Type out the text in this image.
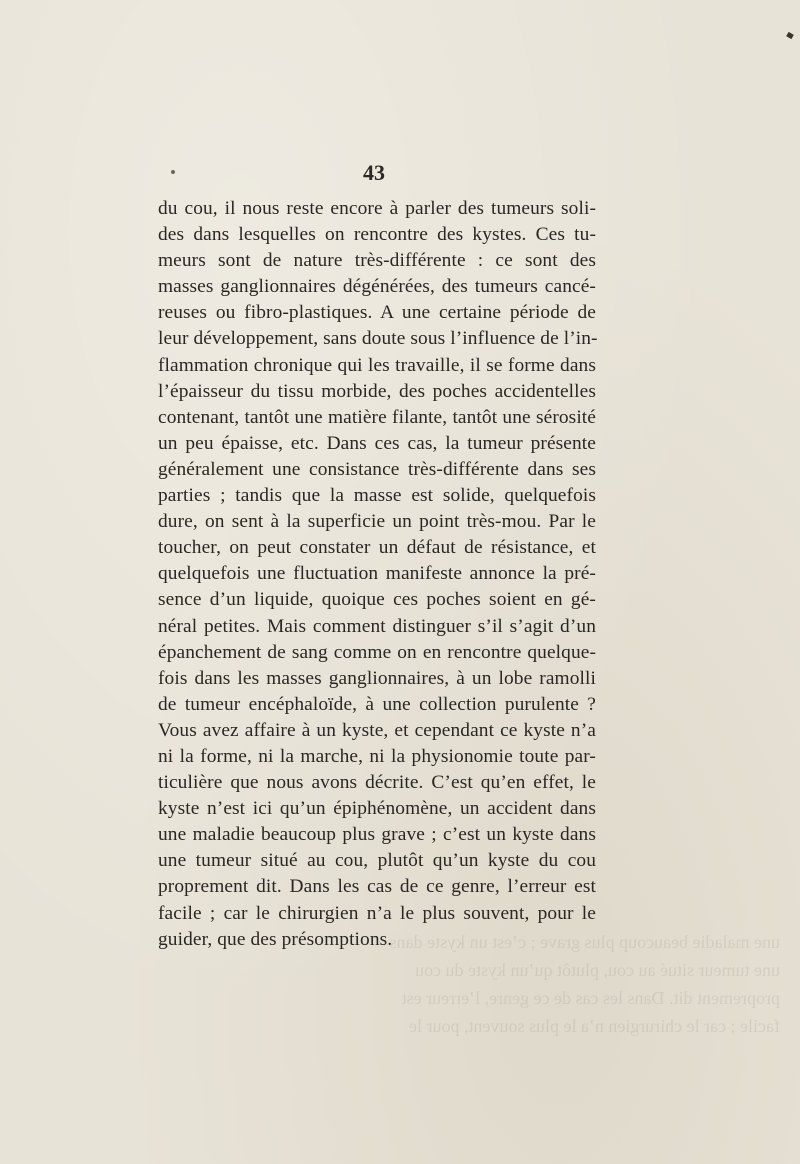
43
du cou, il nous reste encore à parler des tumeurs soli-
des dans lesquelles on rencontre des kystes. Ces tu-
meurs sont de nature très-différente : ce sont des
masses ganglionnaires dégénérées, des tumeurs cancé-
reuses ou fibro-plastiques. A une certaine période de
leur développement, sans doute sous l’influence de l’in-
flammation chronique qui les travaille, il se forme dans
l’épaisseur du tissu morbide, des poches accidentelles
contenant, tantôt une matière filante, tantôt une sérosité
un peu épaisse, etc. Dans ces cas, la tumeur présente
généralement une consistance très-différente dans ses
parties ; tandis que la masse est solide, quelquefois
dure, on sent à la superficie un point très-mou. Par le
toucher, on peut constater un défaut de résistance, et
quelquefois une fluctuation manifeste annonce la pré-
sence d’un liquide, quoique ces poches soient en gé-
néral petites. Mais comment distinguer s’il s’agit d’un
épanchement de sang comme on en rencontre quelque-
fois dans les masses ganglionnaires, à un lobe ramolli
de tumeur encéphaloïde, à une collection purulente ?
Vous avez affaire à un kyste, et cependant ce kyste n’a
ni la forme, ni la marche, ni la physionomie toute par-
ticulière que nous avons décrite. C’est qu’en effet, le
kyste n’est ici qu’un épiphénomène, un accident dans
une maladie beaucoup plus grave ; c’est un kyste dans
une tumeur situé au cou, plutôt qu’un kyste du cou
proprement dit. Dans les cas de ce genre, l’erreur est
facile ; car le chirurgien n’a le plus souvent, pour le
guider, que des présomptions.
une maladie beaucoup plus grave ; c’est un kyste dans
une tumeur situé au cou, plutôt qu’un kyste du cou
proprement dit. Dans les cas de ce genre, l’erreur est
facile ; car le chirurgien n’a le plus souvent, pour le
